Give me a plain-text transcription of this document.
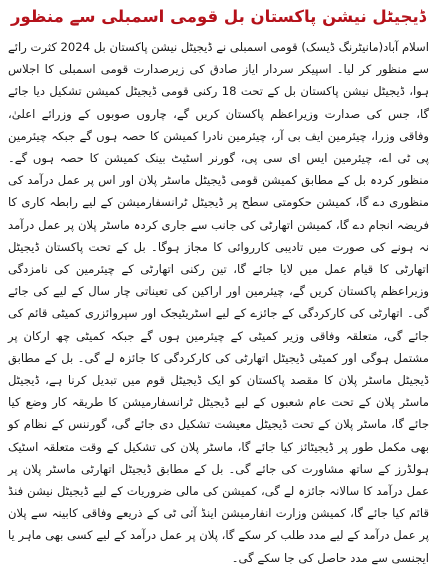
ڈیجیٹل نیشن پاکستان بل قومی اسمبلی سے منظور

اسلام آباد(مانیٹرنگ ڈیسک) قومی اسمبلی نے ڈیجیٹل نیشن پاکستان بل 2024 کثرت رائے سے منظور کر لیا۔ اسپیکر سردار ایاز صادق کی زیرصدارت قومی اسمبلی کا اجلاس ہوا، ڈیجیٹل نیشن پاکستان بل کے تحت 18 رکنی قومی ڈیجیٹل کمیشن تشکیل دیا جائے گا، جس کی صدارت وزیراعظم پاکستان کریں گے، چاروں صوبوں کے وزرائے اعلیٰ، وفاقی وزرا، چیئرمین ایف بی آر، چیئرمین نادرا کمیشن کا حصہ ہوں گے جبکہ چیئرمین پی ٹی اے، چیئرمین ایس ای سی پی، گورنر اسٹیٹ بینک کمیشن کا حصہ ہوں گے۔ منظور کردہ بل کے مطابق کمیشن قومی ڈیجیٹل ماسٹر پلان اور اس پر عمل درآمد کی منظوری دے گا، کمیشن حکومتی سطح پر ڈیجیٹل ٹرانسفارمیشن کے لیے رابطہ کاری کا فریضہ انجام دے گا، کمیشن اتھارٹی کی جانب سے جاری کردہ ماسٹر پلان پر عمل درآمد نہ ہونے کی صورت میں تادیبی کارروائی کا مجاز ہوگا۔ بل کے تحت پاکستان ڈیجیٹل اتھارٹی کا قیام عمل میں لایا جائے گا، تین رکنی اتھارٹی کے چیئرمین کی نامزدگی وزیراعظم پاکستان کریں گے، چیئرمین اور اراکین کی تعیناتی چار سال کے لیے کی جائے گی۔ اتھارٹی کی کارکردگی کے جائزے کے لیے اسٹریٹیجک اور سپروائزری کمیٹی قائم کی جائے گی، متعلقہ وفاقی وزیر کمیٹی کے چیئرمین ہوں گے جبکہ کمیٹی چھ ارکان پر مشتمل ہوگی اور کمیٹی ڈیجیٹل اتھارٹی کی کارکردگی کا جائزہ لے گی۔ بل کے مطابق ڈیجیٹل ماسٹر پلان کا مقصد پاکستان کو ایک ڈیجیٹل قوم میں تبدیل کرنا ہے، ڈیجیٹل ماسٹر پلان کے تحت عام شعبوں کے لیے ڈیجیٹل ٹرانسفارمیشن کا طریقہ کار وضع کیا جائے گا، ماسٹر پلان کے تحت ڈیجیٹل معیشت تشکیل دی جائے گی، گورننس کے نظام کو بھی مکمل طور پر ڈیجیٹائز کیا جائے گا، ماسٹر پلان کی تشکیل کے وقت متعلقہ اسٹیک ہولڈرز کے ساتھ مشاورت کی جائے گی۔ بل کے مطابق ڈیجیٹل اتھارٹی ماسٹر پلان پر عمل درآمد کا سالانہ جائزہ لے گی، کمیشن کی مالی ضروریات کے لیے ڈیجیٹل نیشن فنڈ قائم کیا جائے گا، کمیشن وزارت انفارمیشن اینڈ آئی ٹی کے ذریعے وفاقی کابینہ سے پلان پر عمل درآمد کے لیے مدد طلب کر سکے گا، پلان پر عمل درآمد کے لیے کسی بھی ماہر یا ایجنسی سے مدد حاصل کی جا سکے گی۔
